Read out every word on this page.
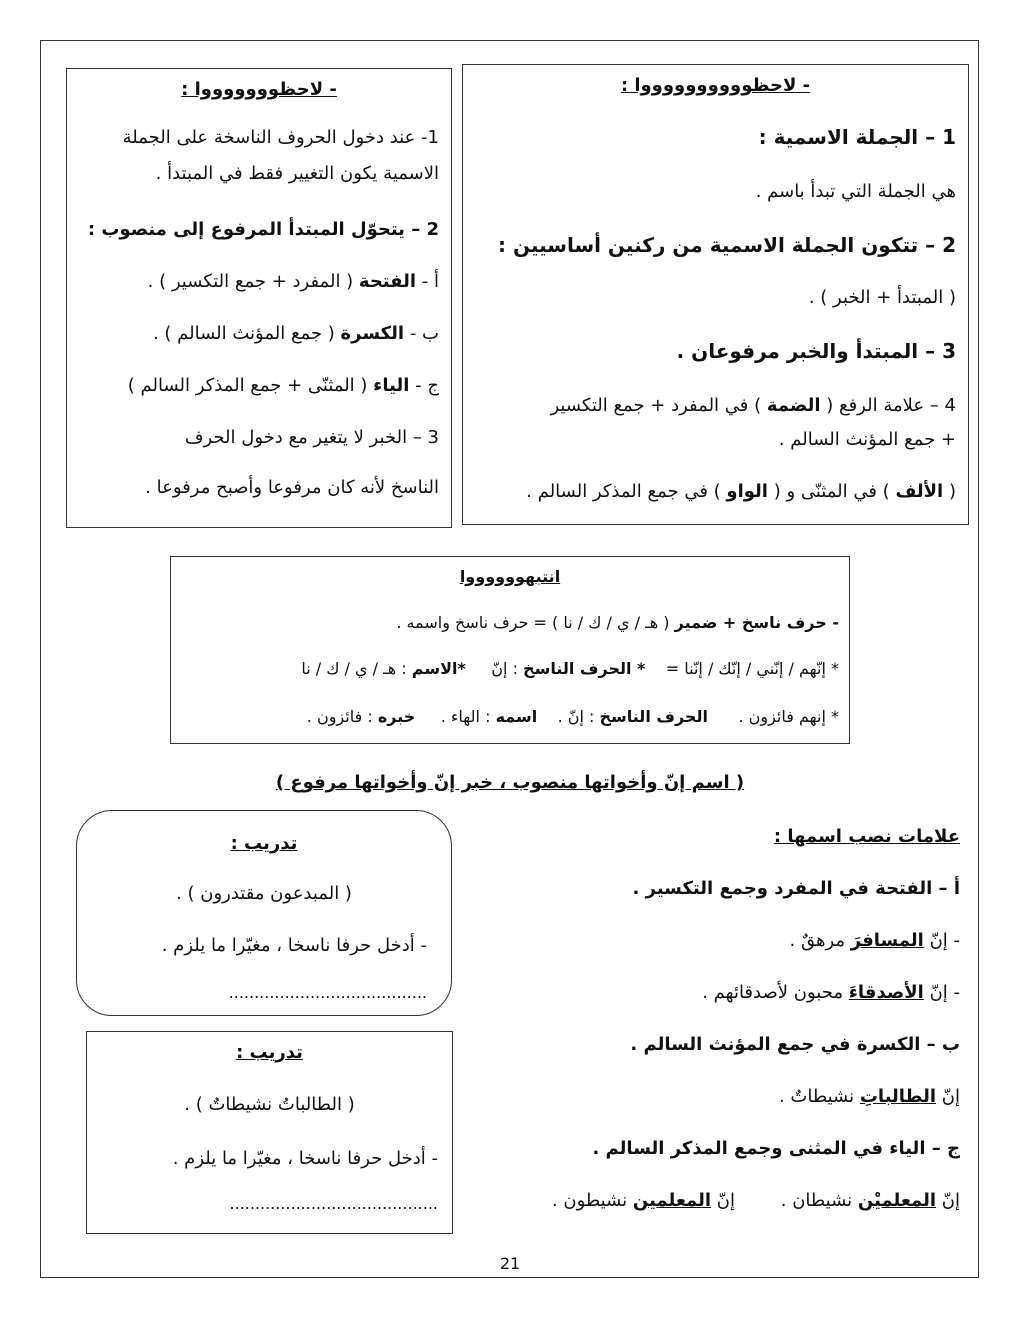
- لاحظووووووووووا :
1 – الجملة الاسمية :
هي الجملة التي تبدأ باسم .
2 – تتكون الجملة الاسمية من ركنين أساسيين :
( المبتدأ + الخبر ) .
3 – المبتدأ والخبر مرفوعان .
4 – علامة الرفع ( الضمة ) في المفرد + جمع التكسير
+ جمع المؤنث السالم .
( الألف ) في المثنّى و ( الواو ) في جمع المذكر السالم .
- لاحظوووووووا :
1- عند دخول الحروف الناسخة على الجملة
الاسمية يكون التغيير فقط في المبتدأ .
2 – يتحوّل المبتدأ المرفوع إلى منصوب :
أ - الفتحة ( المفرد + جمع التكسير ) .
ب - الكسرة ( جمع المؤنث السالم ) .
ج - الياء ( المثنّى + جمع المذكر السالم )
3 – الخبر لا يتغير مع دخول الحرف
الناسخ لأنه كان مرفوعا وأصبح مرفوعا .
انتبهووووووا
- حرف ناسخ + ضمير ( هـ / ي / ك / نا ) = حرف ناسخ واسمه .
* إنّهم / إنّني / إنّك / إنّنا =    * الحرف الناسخ : إنّ     *الاسم : هـ / ي / ك / نا
* إنهم فائزون .      الحرف الناسخ : إنّ .    اسمه : الهاء .     خبره : فائزون .
( اسم إنّ وأخواتها منصوب ، خبر إنّ وأخواتها مرفوع )
علامات نصب اسمها :
أ – الفتحة في المفرد وجمع التكسير .
- إنّ المسافرَ مرهقٌ .
- إنّ الأصدقاءَ محبون لأصدقائهم .
ب – الكسرة في جمع المؤنث السالم .
إنّ الطالباتِ نشيطاتٌ .
ج – الياء في المثنى وجمع المذكر السالم .
إنّ المعلميْن نشيطان .        إنّ المعلمين نشيطون .
تدريب :
( المبدعون مقتدرون ) .
- أدخل حرفا ناسخا ، مغيّرا ما يلزم .
.......................................
تدريب :
( الطالباتُ نشيطاتٌ ) .
- أدخل حرفا ناسخا ، مغيّرا ما يلزم .
.........................................
21
